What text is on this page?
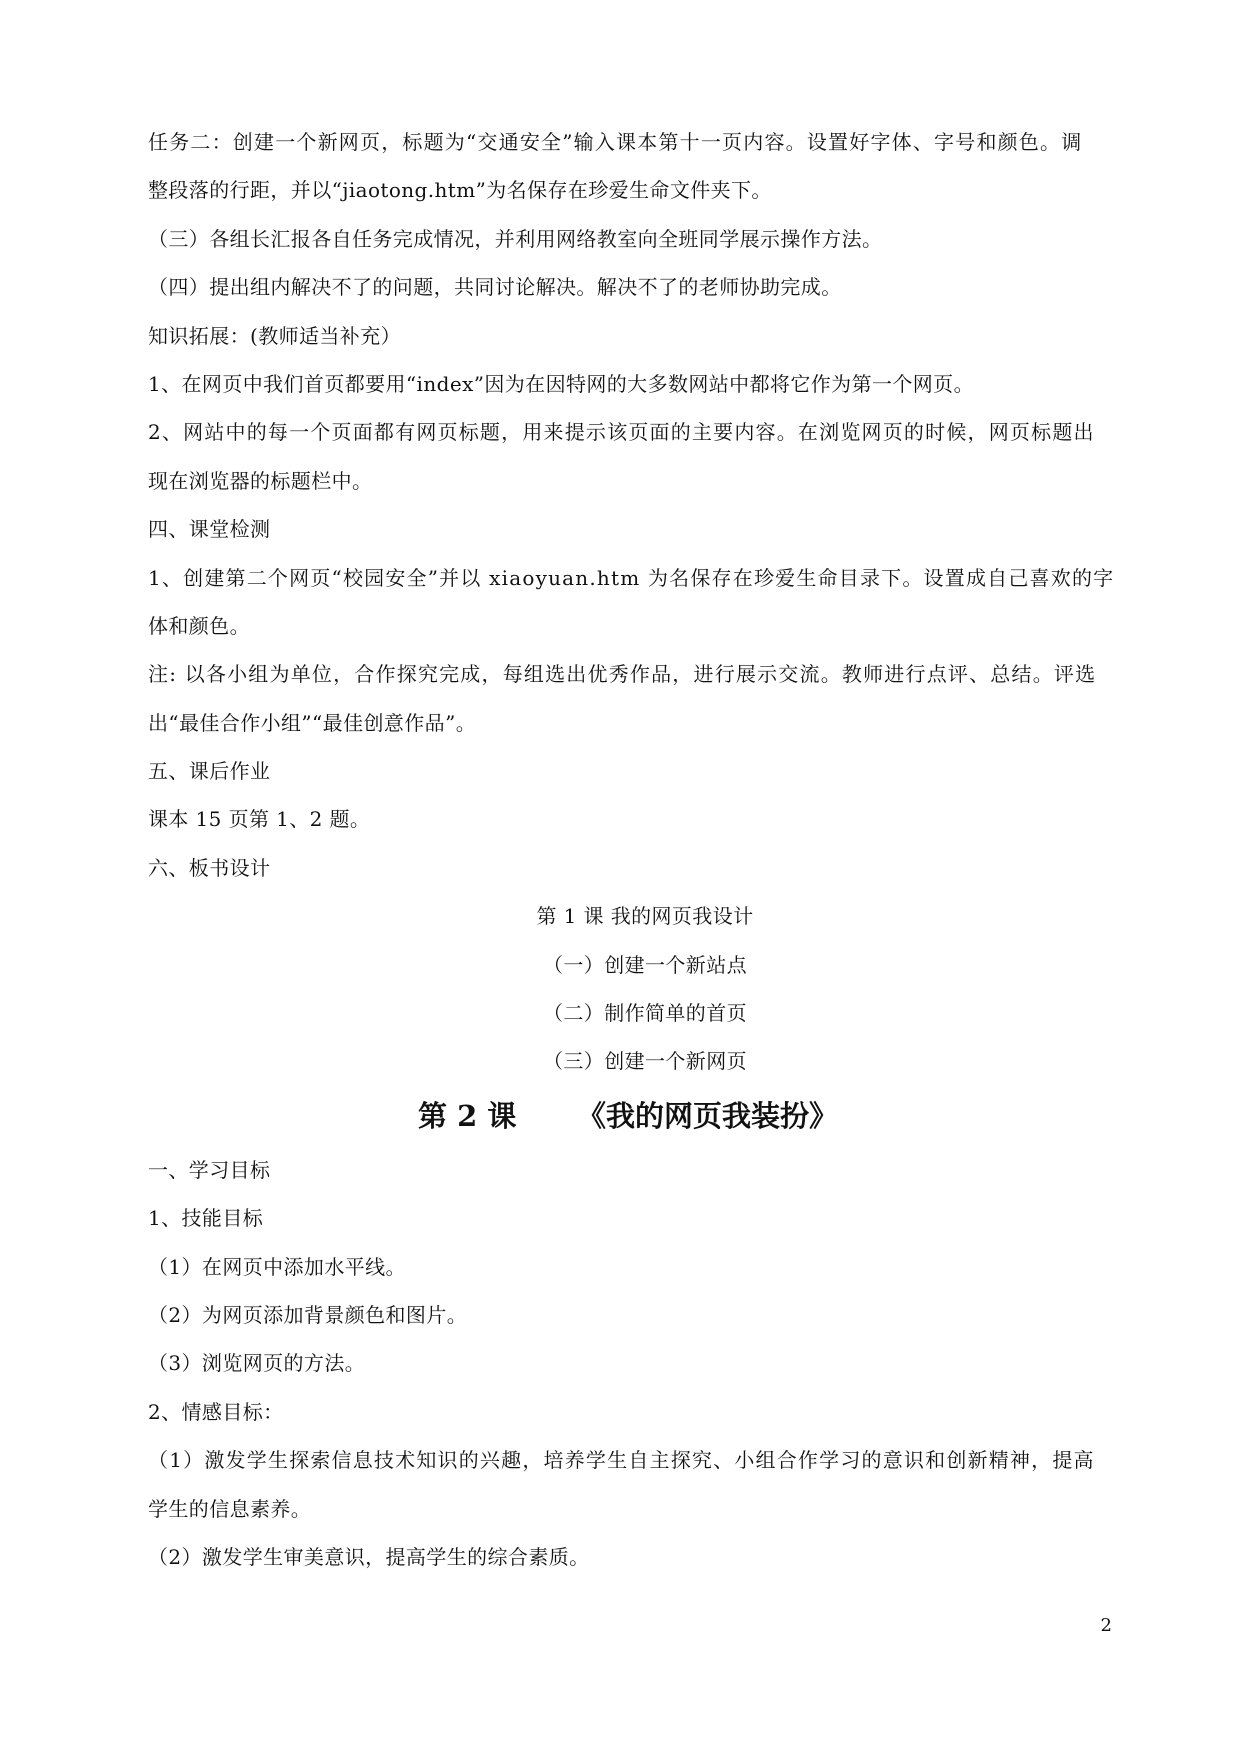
任务二：创建一个新网页，标题为“交通安全”输入课本第十一页内容。设置好字体、字号和颜色。调
整段落的行距，并以“jiaotong.htm”为名保存在珍爱生命文件夹下。
（三）各组长汇报各自任务完成情况，并利用网络教室向全班同学展示操作方法。
（四）提出组内解决不了的问题，共同讨论解决。解决不了的老师协助完成。
知识拓展：(教师适当补充）
1、在网页中我们首页都要用“index”因为在因特网的大多数网站中都将它作为第一个网页。
2、网站中的每一个页面都有网页标题，用来提示该页面的主要内容。在浏览网页的时候，网页标题出
现在浏览器的标题栏中。
四、课堂检测
1、创建第二个网页“校园安全”并以 xiaoyuan.htm 为名保存在珍爱生命目录下。设置成自己喜欢的字
体和颜色。
注: 以各小组为单位，合作探究完成，每组选出优秀作品，进行展示交流。教师进行点评、总结。评选
出“最佳合作小组”“最佳创意作品”。
五、课后作业
课本 15 页第 1、2 题。
六、板书设计
第 1 课 我的网页我设计
（一）创建一个新站点
（二）制作简单的首页
（三）创建一个新网页
第 2 课      《我的网页我装扮》
一、学习目标
1、技能目标
（1）在网页中添加水平线。
（2）为网页添加背景颜色和图片。
（3）浏览网页的方法。
2、情感目标：
（1）激发学生探索信息技术知识的兴趣，培养学生自主探究、小组合作学习的意识和创新精神，提高
学生的信息素养。
（2）激发学生审美意识，提高学生的综合素质。
2
